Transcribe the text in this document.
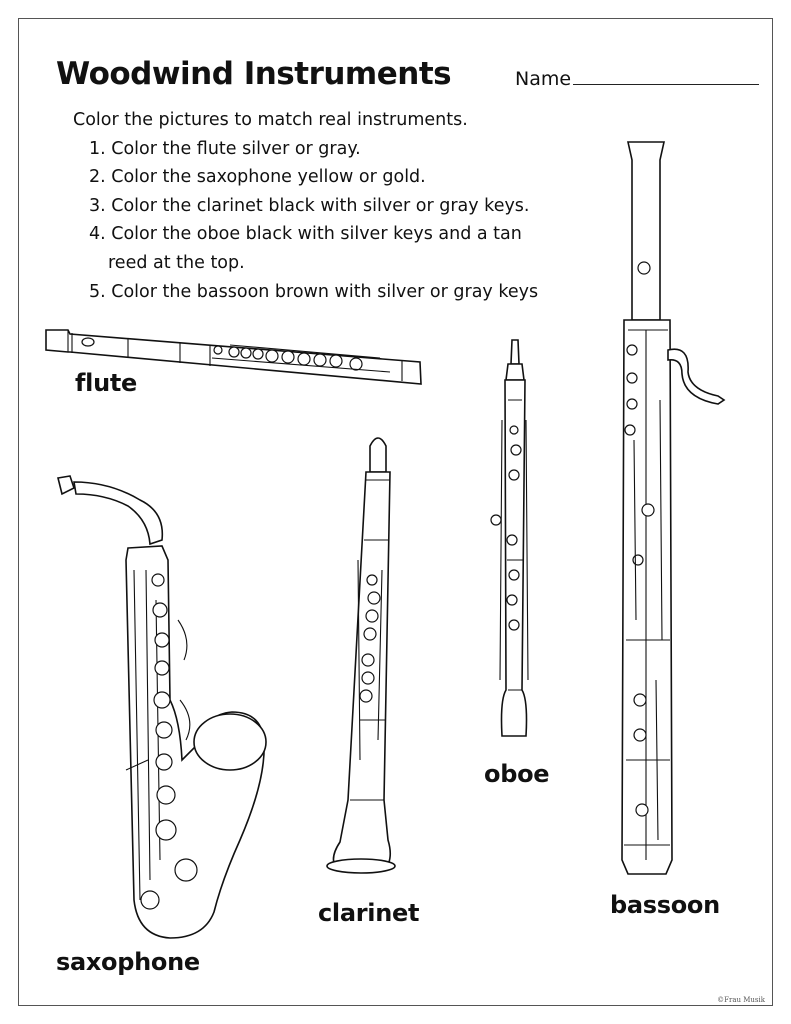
Woodwind Instruments	Name
Color the pictures to match real instruments.
1. Color the flute silver or gray.
2. Color the saxophone yellow or gold.
3. Color the clarinet black with silver or gray keys.
4. Color the oboe black with silver keys and a tan
reed at the top.
5. Color the bassoon brown with silver or gray keys
flute
saxophone
clarinet
oboe
bassoon
©Frau Musik
